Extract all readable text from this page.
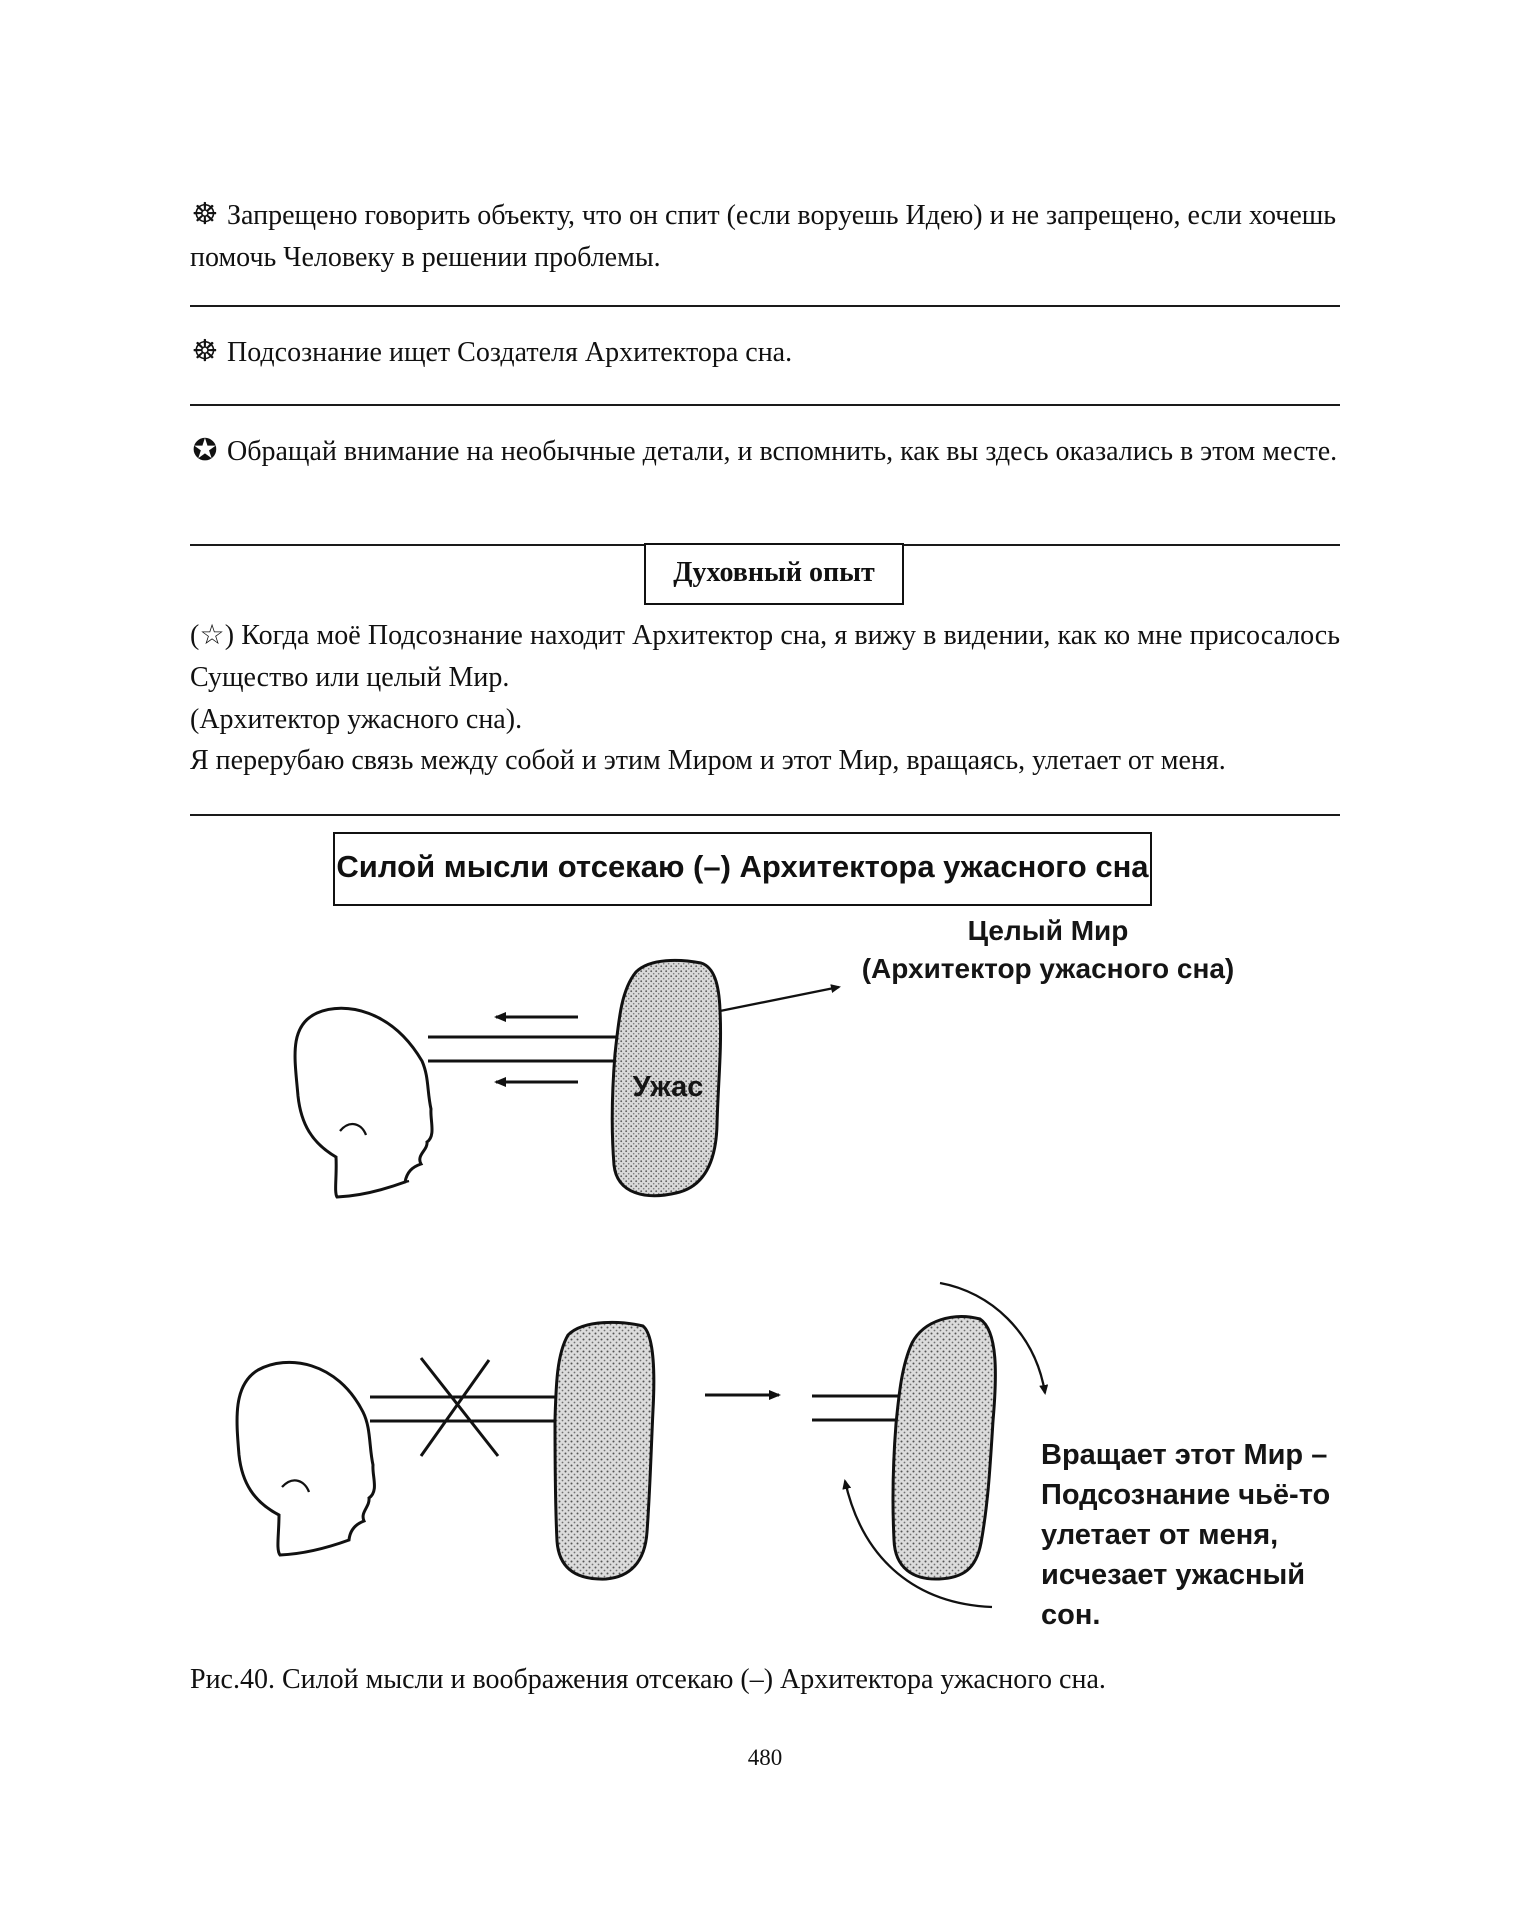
☸ Запрещено говорить объекту, что он спит (если воруешь Идею) и не запрещено, если хочешь помочь Человеку в решении проблемы.
☸ Подсознание ищет Создателя Архитектора сна.
✪ Обращай внимание на необычные детали, и вспомнить, как вы здесь оказались в этом месте.
Духовный опыт
(☆) Когда моё Подсознание находит Архитектор сна, я вижу в видении, как ко мне присосалось Существо или целый Мир.
(Архитектор ужасного сна).
Я перерубаю связь между собой и этим Миром и этот Мир, вращаясь, улетает от меня.
Силой мысли отсекаю (–) Архитектора ужасного сна
Целый Мир
(Архитектор ужасного сна)
Ужас
Вращает этот Мир –
Подсознание чьё-то
улетает от меня,
исчезает ужасный
сон.
Рис.40. Силой мысли и воображения отсекаю (–) Архитектора ужасного сна.
480
